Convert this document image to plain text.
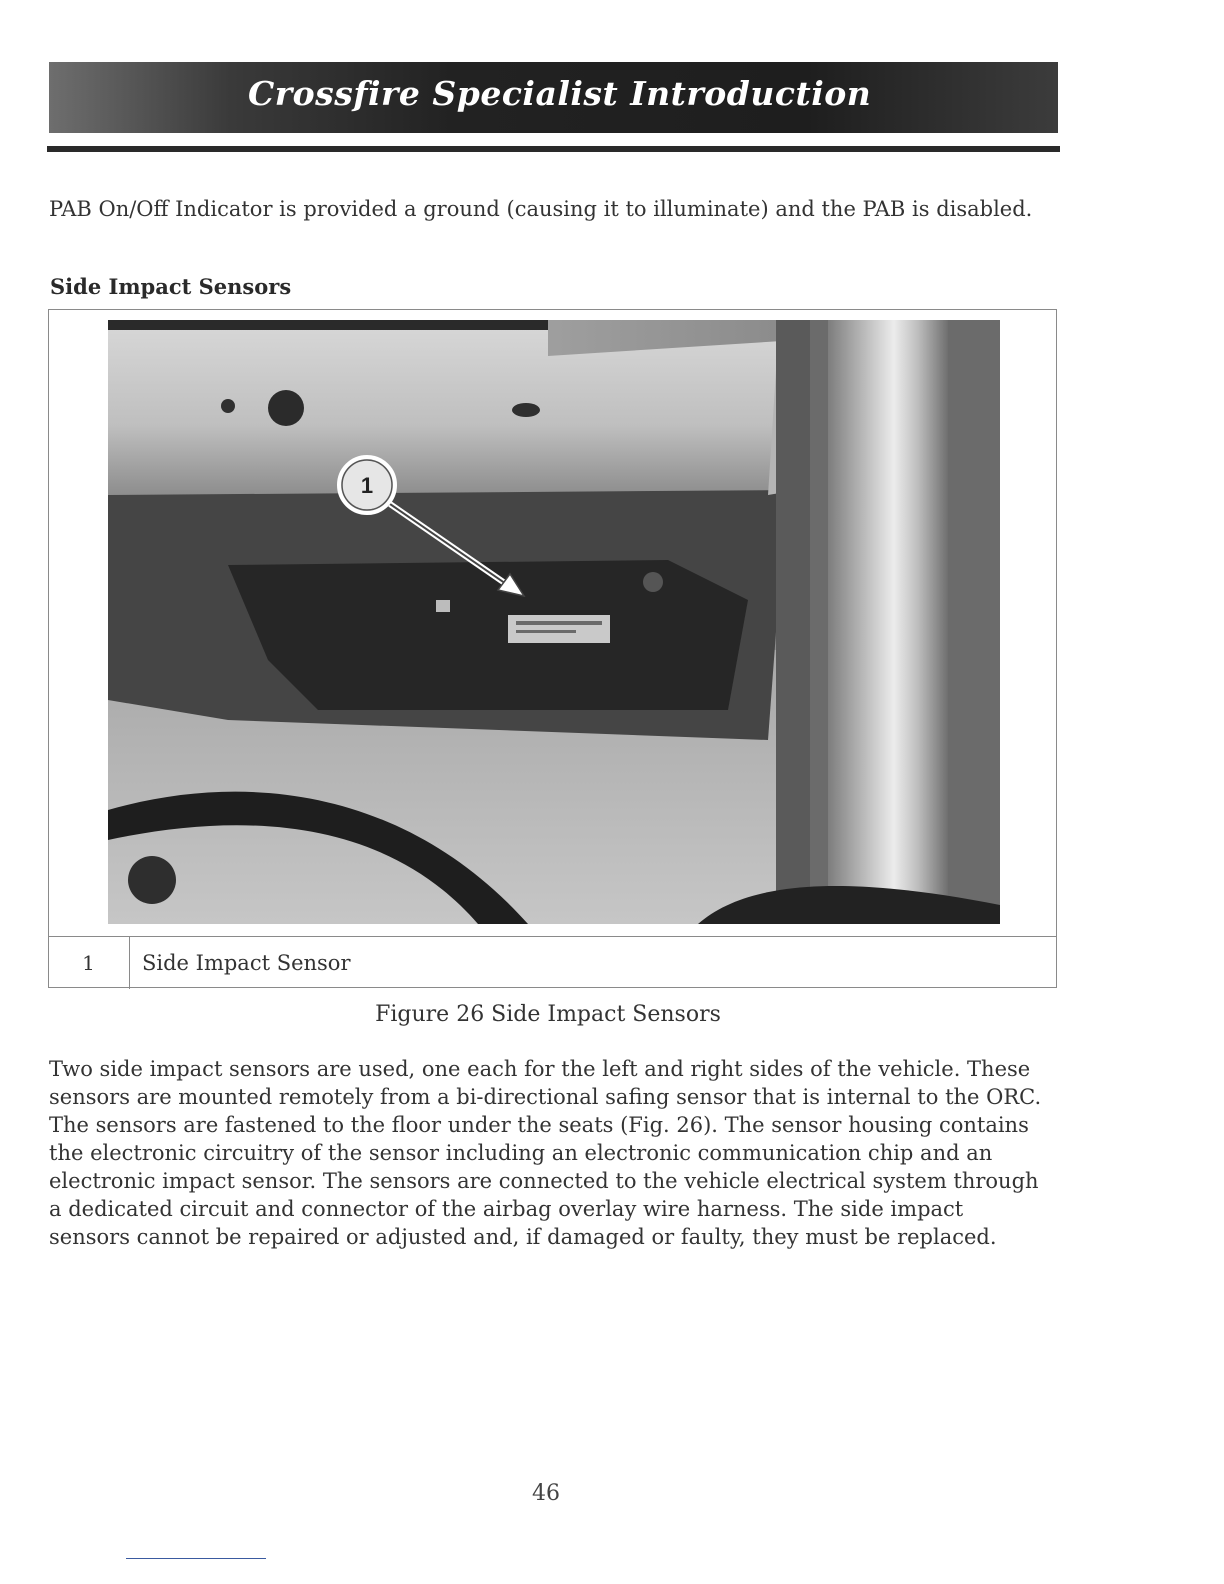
Crossfire Specialist Introduction

PAB On/Off Indicator is provided a ground (causing it to illuminate) and the PAB is disabled.

Side Impact Sensors
1
1	Side Impact Sensor

Figure 26 Side Impact Sensors

Two side impact sensors are used, one each for the left and right sides of the vehicle. These sensors are mounted remotely from a bi-directional safing sensor that is internal to the ORC. The sensors are fastened to the floor under the seats (Fig. 26). The sensor housing contains the electronic circuitry of the sensor including an electronic communication chip and an electronic impact sensor. The sensors are connected to the vehicle electrical system through a dedicated circuit and connector of the airbag overlay wire harness. The side impact sensors cannot be repaired or adjusted and, if damaged or faulty, they must be replaced.

46
